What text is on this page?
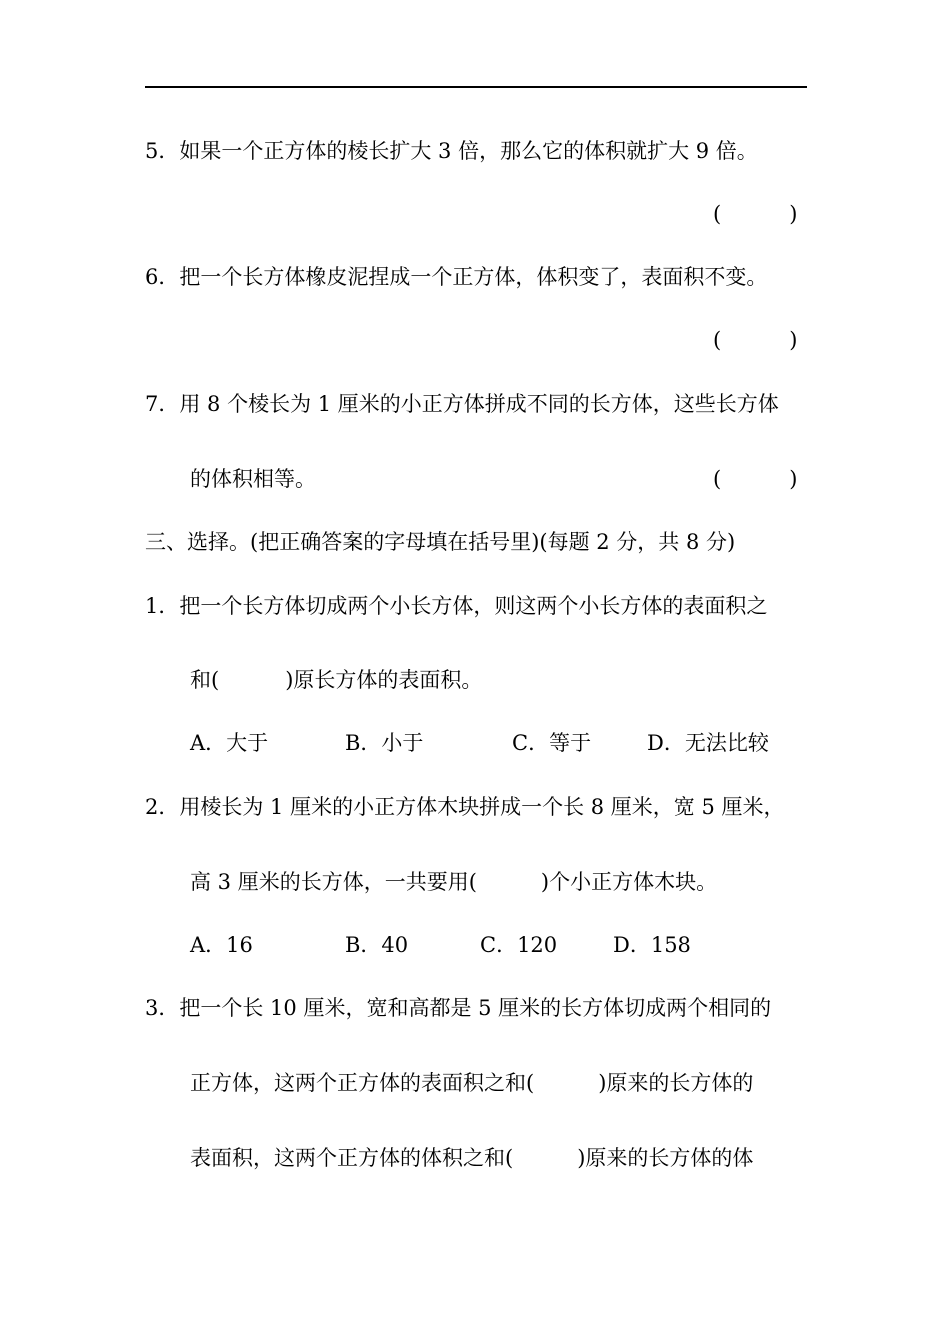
5．如果一个正方体的棱长扩大 3 倍，那么它的体积就扩大 9 倍。
(	)
6．把一个长方体橡皮泥捏成一个正方体，体积变了，表面积不变。
(	)
7．用 8 个棱长为 1 厘米的小正方体拼成不同的长方体，这些长方体
的体积相等。	(	)
三、选择。(把正确答案的字母填在括号里)(每题 2 分，共 8 分)
1．把一个长方体切成两个小长方体，则这两个小长方体的表面积之
和(	)原长方体的表面积。
A．大于	B．小于	C．等于	D．无法比较
2．用棱长为 1 厘米的小正方体木块拼成一个长 8 厘米，宽 5 厘米，
高 3 厘米的长方体，一共要用(	)个小正方体木块。
A．16	B．40	C．120	D．158
3．把一个长 10 厘米，宽和高都是 5 厘米的长方体切成两个相同的
正方体，这两个正方体的表面积之和(	)原来的长方体的
表面积，这两个正方体的体积之和(	)原来的长方体的体
